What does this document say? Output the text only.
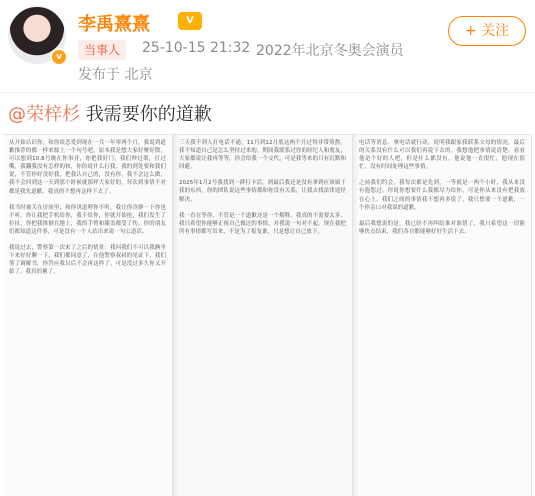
v
李禹熹熹	V
当事人	25-10-15 21:32 2022年北京冬奥会演员
发布于 北京
+ 关注
@荣梓杉 我需要你的道歉

从开始认识你，和你谈恋爱到现在一共一年零两个月，我说到道歉推荐的都一样来源上一个句号吧，原本我是想大家好聚好散，可以想到10.8号晚在你事业，你把我好门，我们吵过架，打过嘴，我翻我没有怎样的和，你的说什么打我，我的到处要和我们说，不管你好没好我，把我认自己的，没有你，我不会这么做，我不会回到这一天到那个时候就那样大家好的，每次到事情不对都是我先道歉，我真的不想再这样下去了。

我当时被关在房间里，和你讲道理你不听，我让你冷静一下你也不听。你让我把手机给你，我不给你，你就开始抢，我们发生了拉扯，你把我推倒在地上，我的手臂和膝盖都受了伤。你的朋友们都知道这件事，可是没有一个人站出来说一句公道话。

我说过去，警察第一次来了之后的情景：我问我们不可以我俩坐下来好好聊一下，我们都同意了，在他警察叔叔的见证下，我们签了调解书，你答应我以后不会再这样了。可是没过多久你又开始了，我真的累了。

三天我不到人打电话不通，11月到12月底这两个月过得非常煎熬。我不知道自己是怎么坚持过来的，期间我联系过你的经纪人和朋友，大家都说让我再等等，你会给我一个交代，可是我等来的只有沉默和回避。

2025年1月2号我找到一群打卡活，到最后我还是没有拿到应该属于我的东西，你的团队说这些事情都和你没有关系，让我去找法律途径解决。

我一直在等你，不管是一个道歉还是一个解释。我真的不需要太多，我只希望你能够正视自己做过的事情，对我说一句对不起。现在我把所有事情都写出来，不是为了报复谁，只是想让自己放下。

电话等消息，拿电话就行动。说明我跟家我联系父母的情况，最后的关系没有什么可以我们再说下去的。我想他把事情说清楚，看看他是个好的人吧，但是什么都没有，他说他一直很忙，他现在很忙，没有时间处理这些事情。

之前我们约会，我每次都是先到，一等就是一两个小时，我从来没有抱怨过。你说你想要什么我都尽力给你，可是你从来没有把我放在心上。我们之间的事情我不想再多说了，我只想要一个道歉，一个你亲口对我说的道歉。

最后我想说的是，我已经不再纠结谁对谁错了，我只希望这一切能够快点结束，我们各自都能够好好生活下去。
